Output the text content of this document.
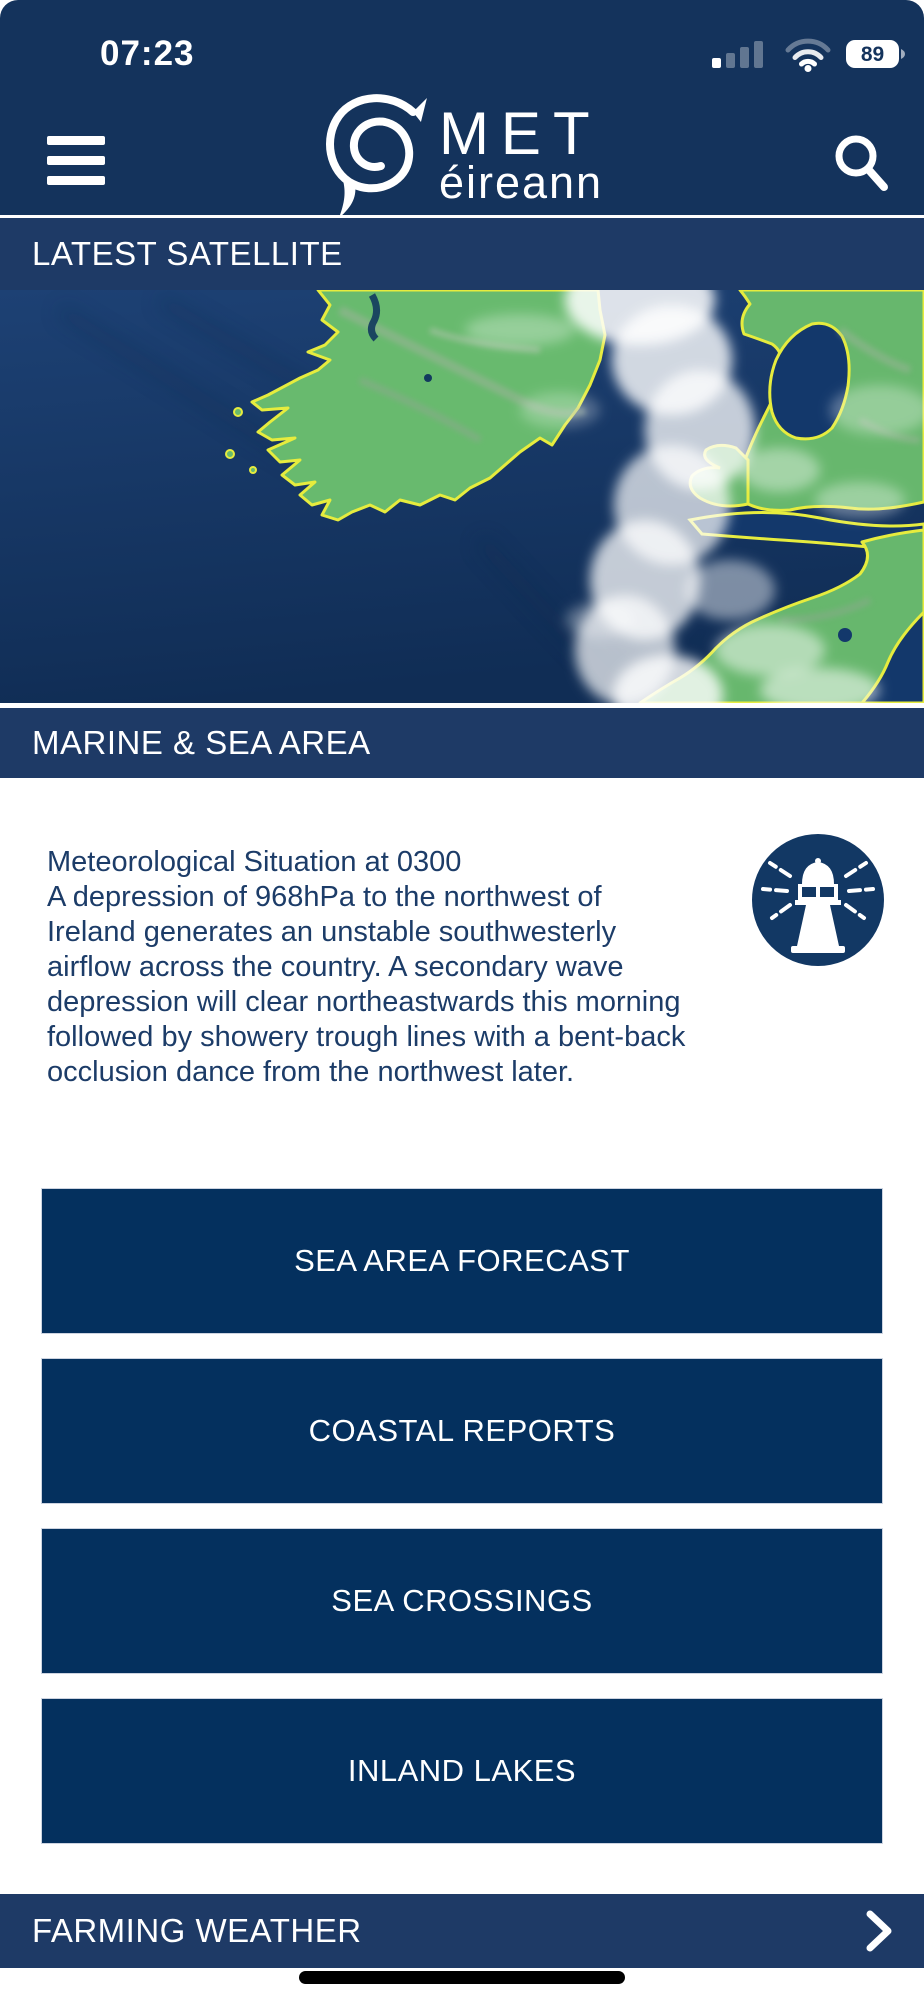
07:23	89
MET
éireann
LATEST SATELLITE
MARINE & SEA AREA
Meteorological Situation at 0300
A depression of 968hPa to the northwest of Ireland generates an unstable southwesterly airflow across the country. A secondary wave depression will clear northeastwards this morning followed by showery trough lines with a bent-back occlusion dance from the northwest later.
SEA AREA FORECAST
COASTAL REPORTS
SEA CROSSINGS
INLAND LAKES
FARMING WEATHER
